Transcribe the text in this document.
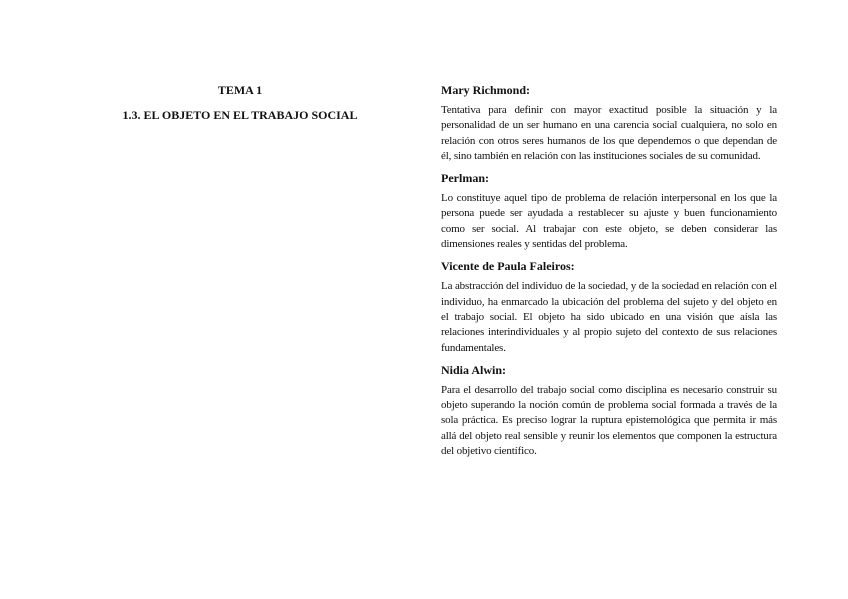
TEMA 1

1.3. EL OBJETO EN EL TRABAJO SOCIAL

Mary Richmond:

Tentativa para definir con mayor exactitud posible la situación y la personalidad de un ser humano en una carencia social cualquiera, no solo en relación con otros seres humanos de los que dependemos o que dependan de él, sino también en relación con las instituciones sociales de su comunidad.

Perlman:

Lo constituye aquel tipo de problema de relación interpersonal en los que la persona puede ser ayudada a restablecer su ajuste y buen funcionamiento como ser social. Al trabajar con este objeto, se deben considerar las dimensiones reales y sentidas del problema.

Vicente de Paula Faleiros:

La abstracción del individuo de la sociedad, y de la sociedad en relación con el individuo, ha enmarcado la ubicación del problema del sujeto y del objeto en el trabajo social. El objeto ha sido ubicado en una visión que aísla las relaciones interindividuales y al propio sujeto del contexto de sus relaciones fundamentales.

Nidia Alwin:

Para el desarrollo del trabajo social como disciplina es necesario construir su objeto superando la noción común de problema social formada a través de la sola práctica. Es preciso lograr la ruptura epistemológica que permita ir más allá del objeto real sensible y reunir los elementos que componen la estructura del objetivo científico.
